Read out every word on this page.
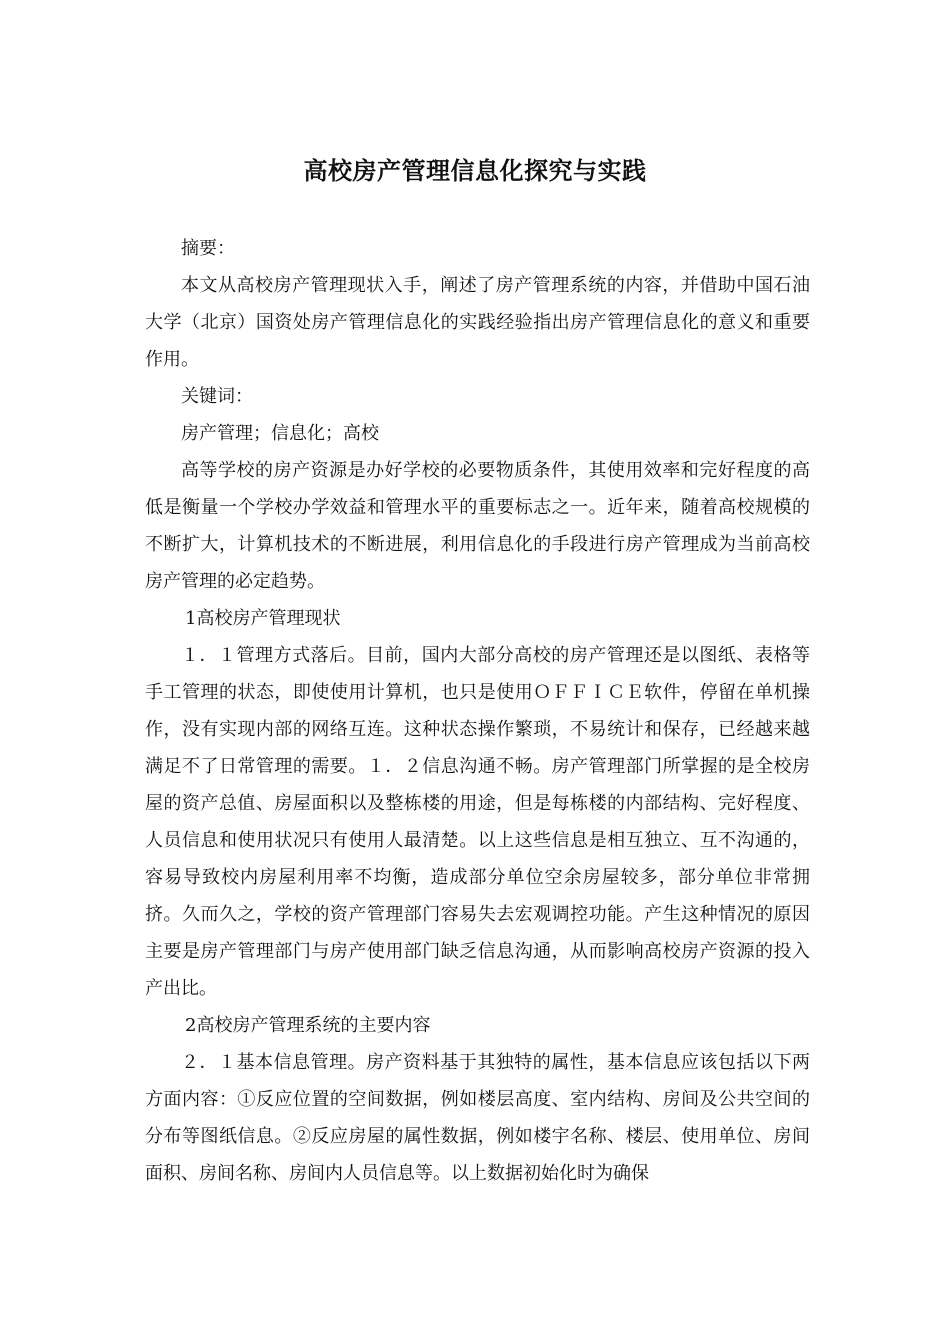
高校房产管理信息化探究与实践

摘要：

本文从高校房产管理现状入手，阐述了房产管理系统的内容，并借助中国石油大学（北京）国资处房产管理信息化的实践经验指出房产管理信息化的意义和重要作用。

关键词：

房产管理；信息化；高校

高等学校的房产资源是办好学校的必要物质条件，其使用效率和完好程度的高低是衡量一个学校办学效益和管理水平的重要标志之一。近年来，随着高校规模的不断扩大，计算机技术的不断进展，利用信息化的手段进行房产管理成为当前高校房产管理的必定趋势。

1高校房产管理现状

１．１管理方式落后。目前，国内大部分高校的房产管理还是以图纸、表格等手工管理的状态，即使使用计算机，也只是使用ＯＦＦＩＣＥ软件，停留在单机操作，没有实现内部的网络互连。这种状态操作繁琐，不易统计和保存，已经越来越满足不了日常管理的需要。１．２信息沟通不畅。房产管理部门所掌握的是全校房屋的资产总值、房屋面积以及整栋楼的用途，但是每栋楼的内部结构、完好程度、人员信息和使用状况只有使用人最清楚。以上这些信息是相互独立、互不沟通的，容易导致校内房屋利用率不均衡，造成部分单位空余房屋较多，部分单位非常拥挤。久而久之，学校的资产管理部门容易失去宏观调控功能。产生这种情况的原因主要是房产管理部门与房产使用部门缺乏信息沟通，从而影响高校房产资源的投入产出比。

2高校房产管理系统的主要内容

２．１基本信息管理。房产资料基于其独特的属性，基本信息应该包括以下两方面内容：①反应位置的空间数据，例如楼层高度、室内结构、房间及公共空间的分布等图纸信息。②反应房屋的属性数据，例如楼宇名称、楼层、使用单位、房间面积、房间名称、房间内人员信息等。以上数据初始化时为确保
